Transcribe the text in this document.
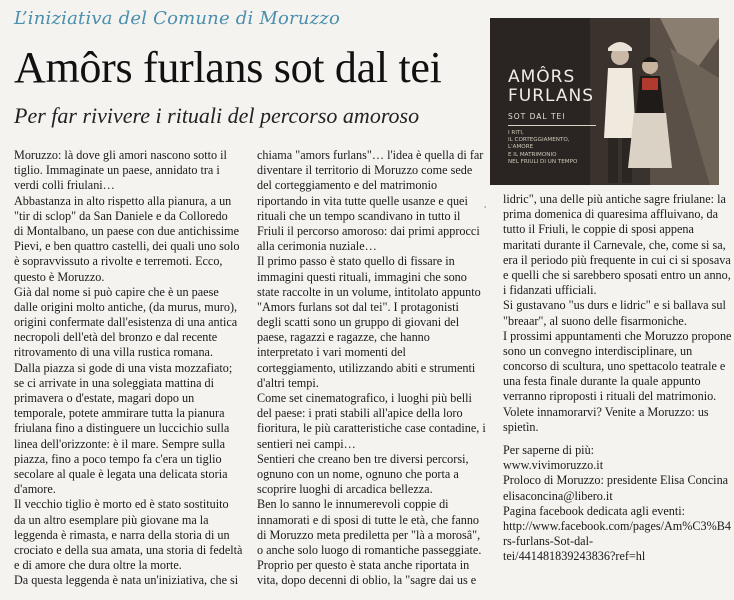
L’iniziativa del Comune di Moruzzo
Amôrs furlans sot dal tei
Per far rivivere i rituali del percorso amoroso
AMÔRS
FURLANS
SOT DAL TEI
I RITI,
IL CORTEGGIAMENTO,
L'AMORE
E IL MATRIMONIO
NEL FRIULI DI UN TEMPO
'
Moruzzo: là dove gli amori nascono sotto il
tiglio. Immaginate un paese, annidato tra i
verdi colli friulani…
Abbastanza in alto rispetto alla pianura, a un
"tir di sclop" da San Daniele e da Colloredo
di Montalbano, un paese con due antichissime
Pievi, e ben quattro castelli, dei quali uno solo
è sopravvissuto a rivolte e terremoti. Ecco,
questo è Moruzzo.
Già dal nome si può capire che è un paese
dalle origini molto antiche, (da murus, muro),
origini confermate dall'esistenza di una antica
necropoli dell'età del bronzo e dal recente
ritrovamento di una villa rustica romana.
Dalla piazza si gode di una vista mozzafiato;
se ci arrivate in una soleggiata mattina di
primavera o d'estate, magari dopo un
temporale, potete ammirare tutta la pianura
friulana fino a distinguere un luccichio sulla
linea dell'orizzonte: è il mare. Sempre sulla
piazza, fino a poco tempo fa c'era un tiglio
secolare al quale è legata una delicata storia
d'amore.
Il vecchio tiglio è morto ed è stato sostituito
da un altro esemplare più giovane ma la
leggenda è rimasta, e narra della storia di un
crociato e della sua amata, una storia di fedeltà
e di amore che dura oltre la morte.
Da questa leggenda è nata un'iniziativa, che si
chiama "amors furlans"… l'idea è quella di far
diventare il territorio di Moruzzo come sede
del corteggiamento e del matrimonio
riportando in vita tutte quelle usanze e quei
rituali che un tempo scandivano in tutto il
Friuli il percorso amoroso: dai primi approcci
alla cerimonia nuziale…
Il primo passo è stato quello di fissare in
immagini questi rituali, immagini che sono
state raccolte in un volume, intitolato appunto
"Amors furlans sot dal tei". I protagonisti
degli scatti sono un gruppo di giovani del
paese, ragazzi e ragazze, che hanno
interpretato i vari momenti del
corteggiamento, utilizzando abiti e strumenti
d'altri tempi.
Come set cinematografico, i luoghi più belli
del paese: i prati stabili all'apice della loro
fioritura, le più caratteristiche case contadine, i
sentieri nei campi…
Sentieri che creano ben tre diversi percorsi,
ognuno con un nome, ognuno che porta a
scoprire luoghi di arcadica bellezza.
Ben lo sanno le innumerevoli coppie di
innamorati e di sposi di tutte le età, che fanno
di Moruzzo meta prediletta per "là a morosâ",
o anche solo luogo di romantiche passeggiate.
Proprio per questo è stata anche riportata in
vita, dopo decenni di oblio, la "sagre dai us e
lidric", una delle più antiche sagre friulane: la
prima domenica di quaresima affluivano, da
tutto il Friuli, le coppie di sposi appena
maritati durante il Carnevale, che, come si sa,
era il periodo più frequente in cui ci si sposava
e quelli che si sarebbero sposati entro un anno,
i fidanzati ufficiali.
Si gustavano "us durs e lidric" e si ballava sul
"breaar", al suono delle fisarmoniche.
I prossimi appuntamenti che Moruzzo propone
sono un convegno interdisciplinare, un
concorso di scultura, uno spettacolo teatrale e
una festa finale durante la quale appunto
verranno riproposti i rituali del matrimonio.
Volete innamorarvi? Venite a Moruzzo: us
spietìn.
Per saperne di più:
www.vivimoruzzo.it
Proloco di Moruzzo: presidente Elisa Concina
elisaconcina@libero.it
Pagina facebook dedicata agli eventi:
http://www.facebook.com/pages/Am%C3%B4
rs-furlans-Sot-dal-
tei/441481839243836?ref=hl
